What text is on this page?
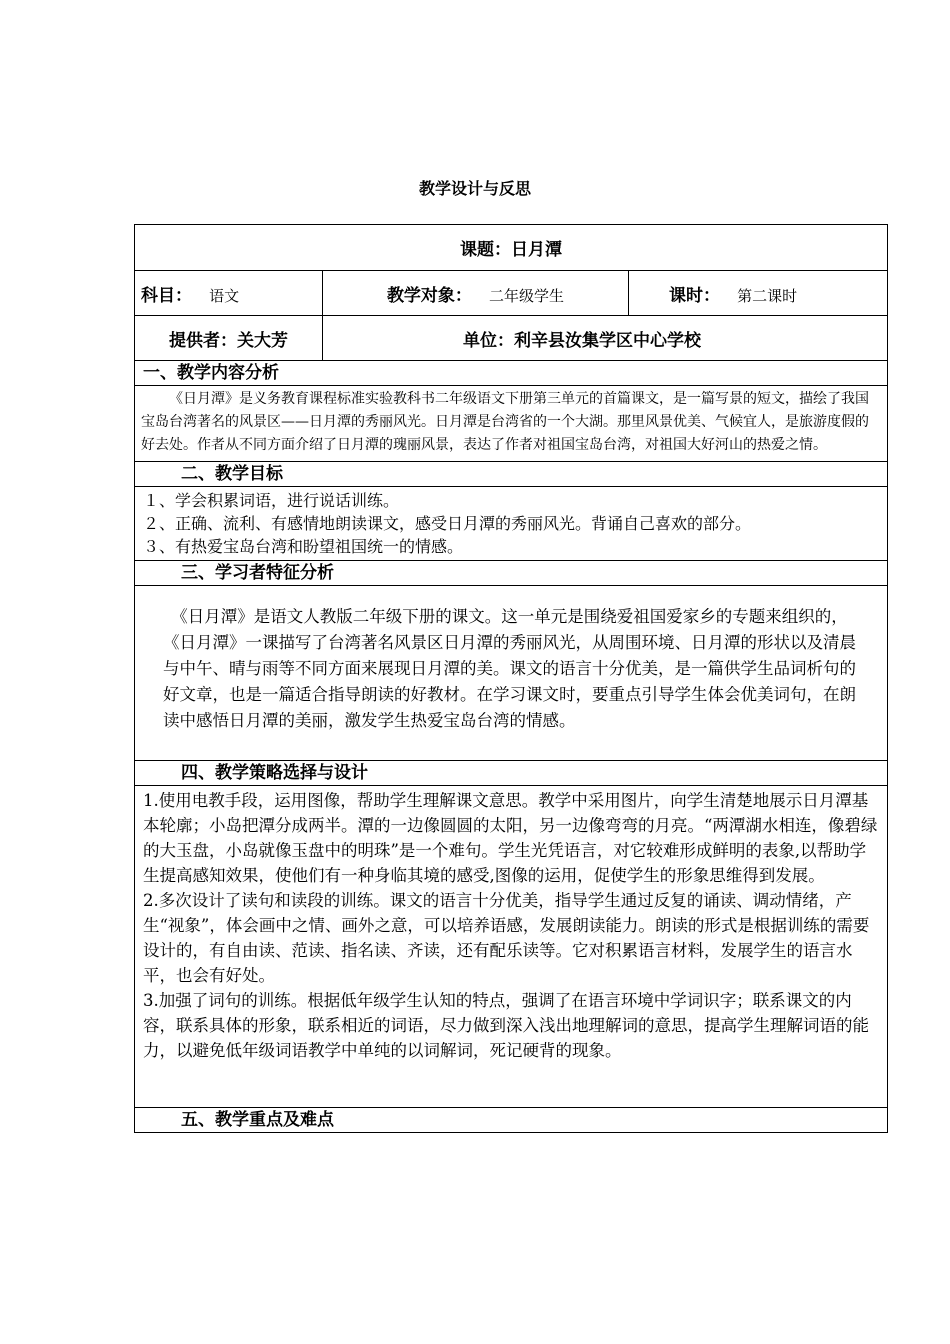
教学设计与反思
课题：日月潭		
科目： 语文	教学对象： 二年级学生	课时： 第二课时
提供者：关大芳	单位：利辛县汝集学区中心学校	
一、教学内容分析		

《日月潭》是义务教育课程标准实验教科书二年级语文下册第三单元的首篇课文，是一篇写景的短文，描绘了我国宝岛台湾著名的风景区——日月潭的秀丽风光。日月潭是台湾省的一个大湖。那里风景优美、气候宜人，是旅游度假的好去处。作者从不同方面介绍了日月潭的瑰丽风景，表达了作者对祖国宝岛台湾，对祖国大好河山的热爱之情。		

二、教学目标		

１、学会积累词语，进行说话训练。

２、正确、流利、有感情地朗读课文，感受日月潭的秀丽风光。背诵自己喜欢的部分。

３、有热爱宝岛台湾和盼望祖国统一的情感。		

三、学习者特征分析		

《日月潭》是语文人教版二年级下册的课文。这一单元是围绕爱祖国爱家乡的专题来组织的，《日月潭》一课描写了台湾著名风景区日月潭的秀丽风光，从周围环境、日月潭的形状以及清晨与中午、晴与雨等不同方面来展现日月潭的美。课文的语言十分优美，是一篇供学生品词析句的好文章，也是一篇适合指导朗读的好教材。在学习课文时，要重点引导学生体会优美词句，在朗读中感悟日月潭的美丽，激发学生热爱宝岛台湾的情感。		

四、教学策略选择与设计		

1.使用电教手段，运用图像，帮助学生理解课文意思。教学中采用图片，向学生清楚地展示日月潭基本轮廓；小岛把潭分成两半。潭的一边像圆圆的太阳，另一边像弯弯的月亮。“两潭湖水相连，像碧绿的大玉盘，小岛就像玉盘中的明珠”是一个难句。学生光凭语言，对它较难形成鲜明的表象,以帮助学生提高感知效果，使他们有一种身临其境的感受,图像的运用，促使学生的形象思维得到发展。

2.多次设计了读句和读段的训练。课文的语言十分优美，指导学生通过反复的诵读、调动情绪，产生“视象”，体会画中之情、画外之意，可以培养语感，发展朗读能力。朗读的形式是根据训练的需要设计的，有自由读、范读、指名读、齐读，还有配乐读等。它对积累语言材料，发展学生的语言水平，也会有好处。

3.加强了词句的训练。根据低年级学生认知的特点，强调了在语言环境中学词识字；联系课文的内容，联系具体的形象，联系相近的词语，尽力做到深入浅出地理解词的意思，提高学生理解词语的能力，以避免低年级词语教学中单纯的以词解词，死记硬背的现象。		

五、教学重点及难点		
